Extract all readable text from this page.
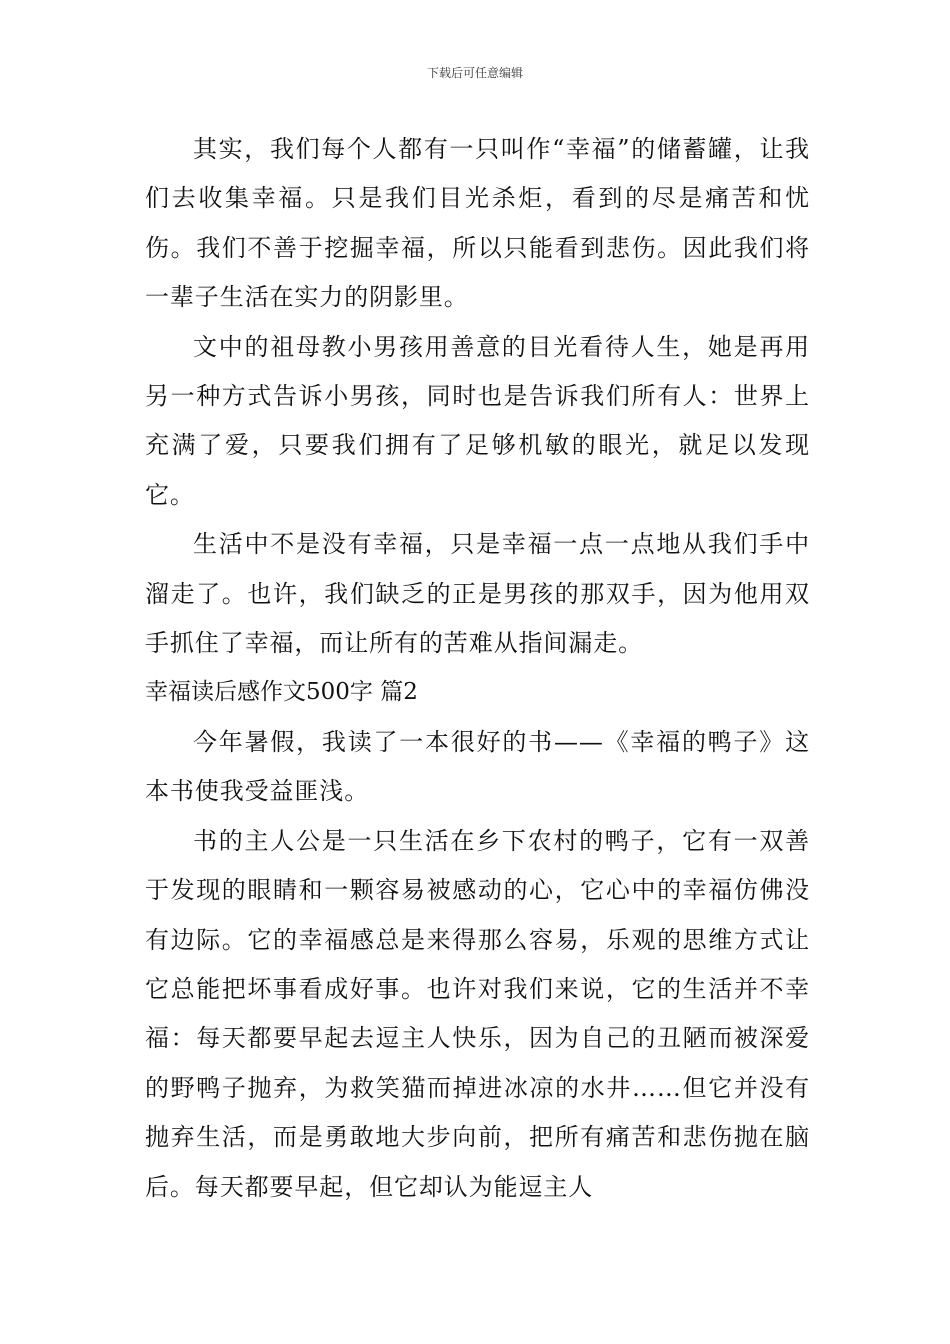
下载后可任意编辑

其实，我们每个人都有一只叫作“幸福”的储蓄罐，让我们去收集幸福。只是我们目光杀炬，看到的尽是痛苦和忧伤。我们不善于挖掘幸福，所以只能看到悲伤。因此我们将一辈子生活在实力的阴影里。

文中的祖母教小男孩用善意的目光看待人生，她是再用另一种方式告诉小男孩，同时也是告诉我们所有人：世界上充满了爱，只要我们拥有了足够机敏的眼光，就足以发现它。

生活中不是没有幸福，只是幸福一点一点地从我们手中溜走了。也许，我们缺乏的正是男孩的那双手，因为他用双手抓住了幸福，而让所有的苦难从指间漏走。

幸福读后感作文500字 篇2

今年暑假，我读了一本很好的书——《幸福的鸭子》这本书使我受益匪浅。

书的主人公是一只生活在乡下农村的鸭子，它有一双善于发现的眼睛和一颗容易被感动的心，它心中的幸福仿佛没有边际。它的幸福感总是来得那么容易，乐观的思维方式让它总能把坏事看成好事。也许对我们来说，它的生活并不幸福：每天都要早起去逗主人快乐，因为自己的丑陋而被深爱的野鸭子抛弃，为救笑猫而掉进冰凉的水井……但它并没有抛弃生活，而是勇敢地大步向前，把所有痛苦和悲伤抛在脑后。每天都要早起，但它却认为能逗主人
